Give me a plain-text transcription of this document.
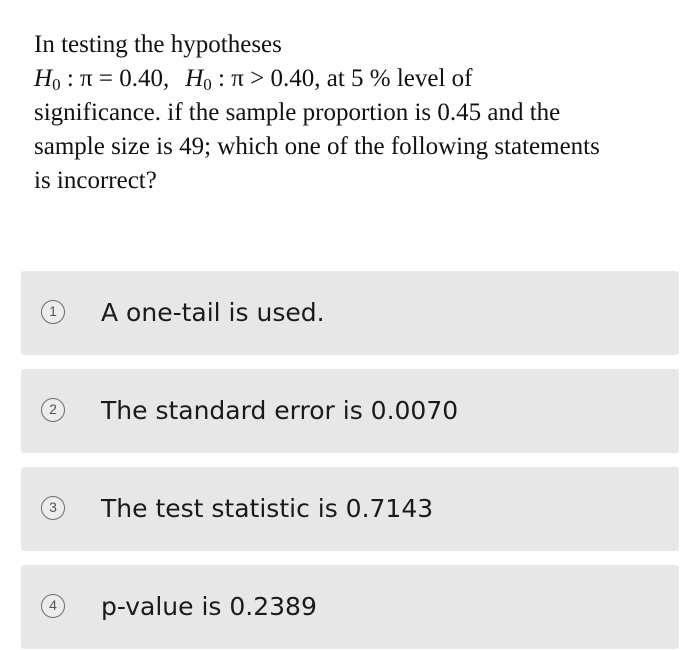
In testing the hypotheses
$H_0$ : π = 0.40, $H_0$ : π > 0.40, at 5 % level of
significance. if the sample proportion is 0.45 and the
sample size is 49; which one of the following statements
is incorrect?
1	A one-tail is used.
2	The standard error is 0.0070
3	The test statistic is 0.7143
4	p-value is 0.2389
